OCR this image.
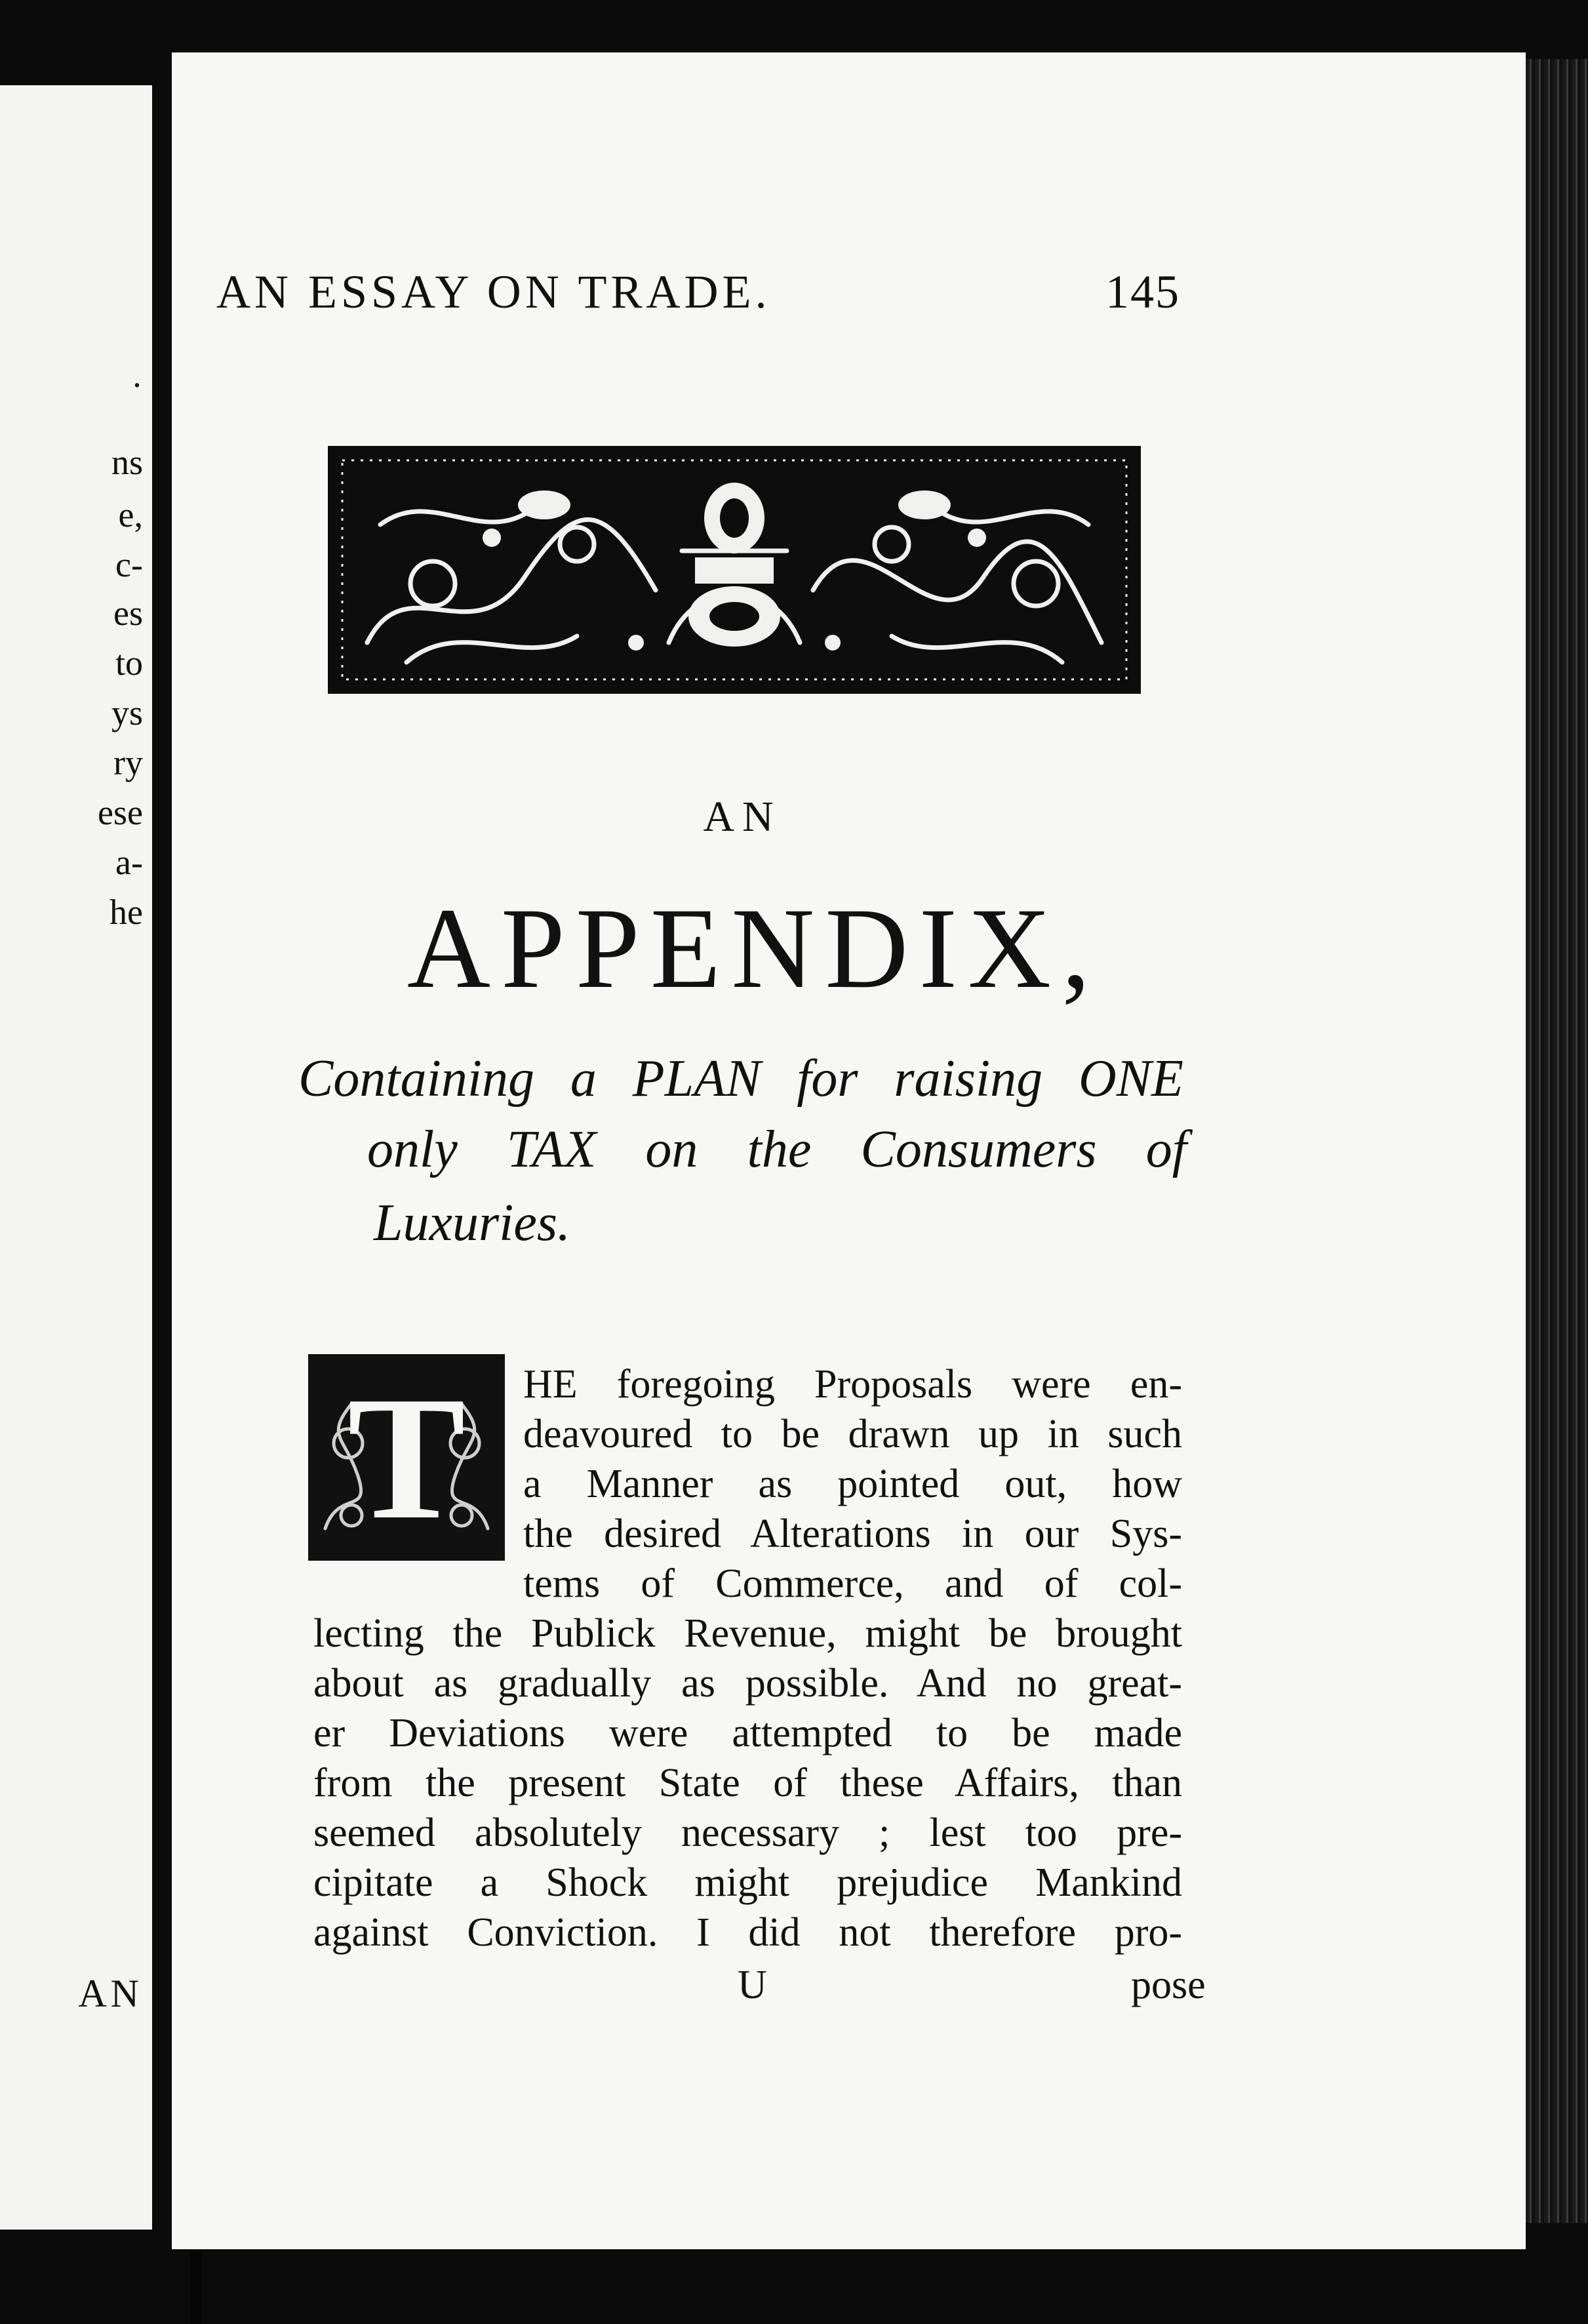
·

ns

e,

c-

es

to

ys

ry

ese

a-

he

AN

AN ESSAY ON TRADE.	145

AN

APPENDIX,

Containing a PLAN for raising ONE

only TAX on the Consumers of

Luxuries.

T	HE foregoing Proposals were en-

deavoured to be drawn up in such

a Manner as pointed out, how

the desired Alterations in our Sys-

tems of Commerce, and of col-

lecting the Publick Revenue, might be brought

about as gradually as possible. And no great-

er Deviations were attempted to be made

from the present State of these Affairs, than

seemed absolutely necessary ; lest too pre-

cipitate a Shock might prejudice Mankind

against Conviction. I did not therefore pro-

U	pose
